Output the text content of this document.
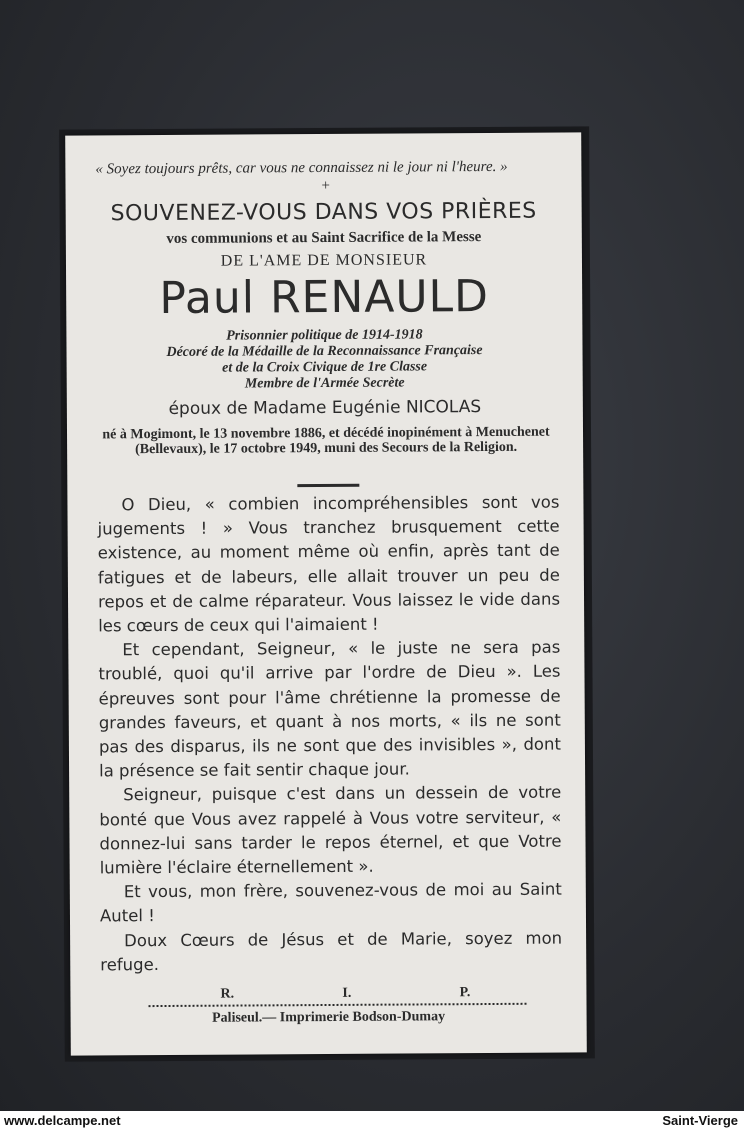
« Soyez toujours prêts, car vous ne connaissez ni le jour ni l'heure. »
+
SOUVENEZ-VOUS DANS VOS PRIÈRES
vos communions et au Saint Sacrifice de la Messe
DE L'AME DE MONSIEUR
Paul RENAULD
Prisonnier politique de 1914-1918
Décoré de la Médaille de la Reconnaissance Française
et de la Croix Civique de 1re Classe
Membre de l'Armée Secrète
époux de Madame Eugénie NICOLAS
né à Mogimont, le 13 novembre 1886, et décédé inopinément à Menuchenet (Bellevaux), le 17 octobre 1949, muni des Secours de la Religion.

O Dieu, « combien incompréhensibles sont vos jugements ! » Vous tranchez brusquement cette existence, au moment même où enfin, après tant de fatigues et de labeurs, elle allait trouver un peu de repos et de calme réparateur. Vous laissez le vide dans les cœurs de ceux qui l'aimaient !

Et cependant, Seigneur, « le juste ne sera pas troublé, quoi qu'il arrive par l'ordre de Dieu ». Les épreuves sont pour l'âme chrétienne la promesse de grandes faveurs, et quant à nos morts, « ils ne sont pas des disparus, ils ne sont que des invisibles », dont la présence se fait sentir chaque jour.

Seigneur, puisque c'est dans un dessein de votre bonté que Vous avez rappelé à Vous votre serviteur, « donnez-lui sans tarder le repos éternel, et que Votre lumière l'éclaire éternellement ».

Et vous, mon frère, souvenez-vous de moi au Saint Autel !

Doux Cœurs de Jésus et de Marie, soyez mon refuge.

R.	I.	P.
Paliseul.— Imprimerie Bodson-Dumay
www.delcampe.net	Saint-Vierge
